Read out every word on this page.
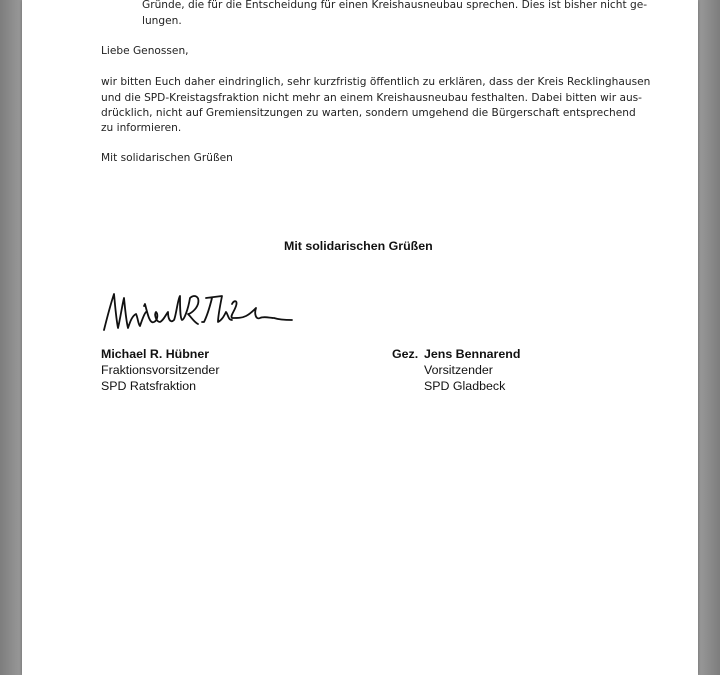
Gründe, die für die Entscheidung für einen Kreishausneubau sprechen. Dies ist bisher nicht ge-
lungen.
Liebe Genossen,
wir bitten Euch daher eindringlich, sehr kurzfristig öffentlich zu erklären, dass der Kreis Recklinghausen
und die SPD-Kreistagsfraktion nicht mehr an einem Kreishausneubau festhalten. Dabei bitten wir aus-
drücklich, nicht auf Gremiensitzungen zu warten, sondern umgehend die Bürgerschaft entsprechend
zu informieren.
Mit solidarischen Grüßen
Mit solidarischen Grüßen
Michael R. Hübner
Fraktionsvorsitzender
SPD Ratsfraktion
Gez. Jens Bennarend
Vorsitzender
SPD Gladbeck
